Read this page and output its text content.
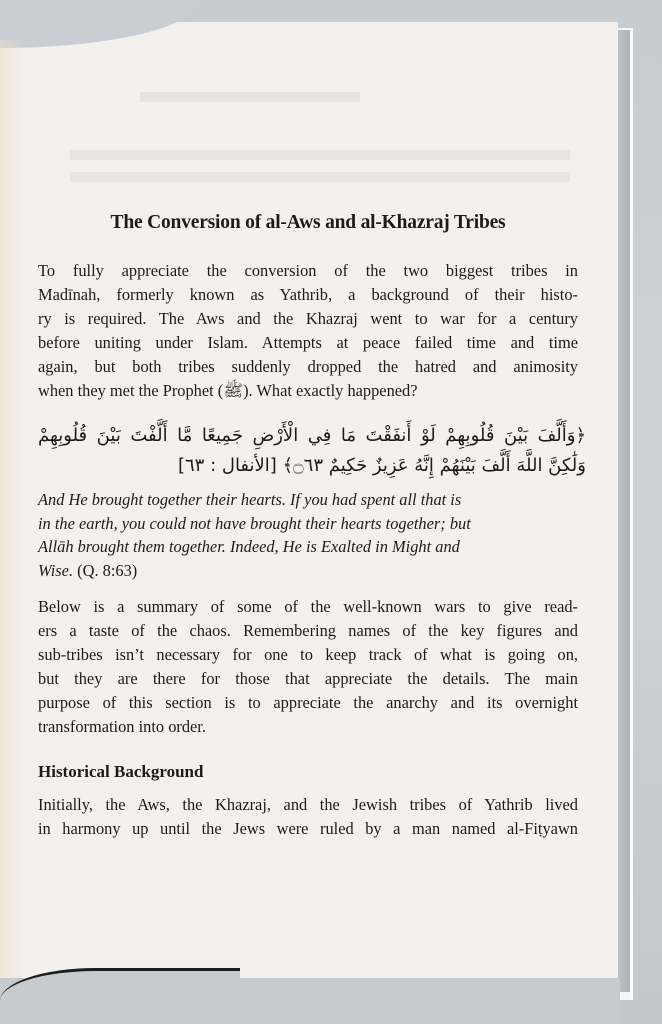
The Conversion of al-Aws and al-Khazraj Tribes

To fully appreciate the conversion of the two biggest tribes in
Madīnah, formerly known as Yathrib, a background of their histo-
ry is required. The Aws and the Khazraj went to war for a century
before uniting under Islam. Attempts at peace failed time and time
again, but both tribes suddenly dropped the hatred and animosity
when they met the Prophet (ﷺ). What exactly happened?

﴿وَأَلَّفَ بَيْنَ قُلُوبِهِمْ لَوْ أَنفَقْتَ مَا فِي الْأَرْضِ جَمِيعًا مَّا أَلَّفْتَ بَيْنَ قُلُوبِهِمْ
وَلَٰكِنَّ اللَّهَ أَلَّفَ بَيْنَهُمْ إِنَّهُ عَزِيزٌ حَكِيمٌ ۝٦٣﴾ [الأنفال : ٦٣]

And He brought together their hearts. If you had spent all that is
in the earth, you could not have brought their hearts together; but
Allāh brought them together. Indeed, He is Exalted in Might and
Wise. (Q. 8:63)

Below is a summary of some of the well-known wars to give read-
ers a taste of the chaos. Remembering names of the key figures and
sub-tribes isn’t necessary for one to keep track of what is going on,
but they are there for those that appreciate the details. The main
purpose of this section is to appreciate the anarchy and its overnight
transformation into order.

Historical Background

Initially, the Aws, the Khazraj, and the Jewish tribes of Yathrib lived
in harmony up until the Jews were ruled by a man named al-Fiṭyawn
